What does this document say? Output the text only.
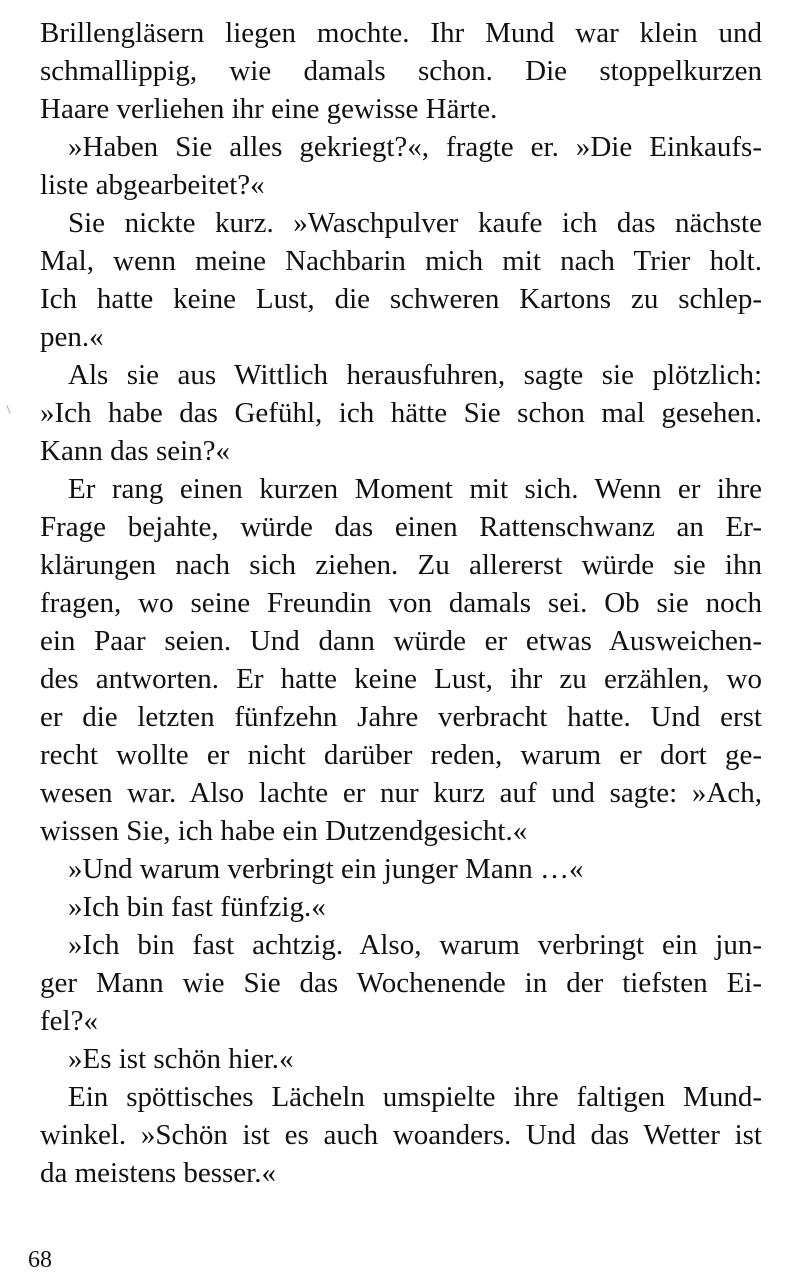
Brillengläsern liegen mochte. Ihr Mund war klein und
schmallippig, wie damals schon. Die stoppelkurzen
Haare verliehen ihr eine gewisse Härte.
»Haben Sie alles gekriegt?«, fragte er. »Die Einkaufs-
liste abgearbeitet?«
Sie nickte kurz. »Waschpulver kaufe ich das nächste
Mal, wenn meine Nachbarin mich mit nach Trier holt.
Ich hatte keine Lust, die schweren Kartons zu schlep-
pen.«
Als sie aus Wittlich herausfuhren, sagte sie plötzlich:
»Ich habe das Gefühl, ich hätte Sie schon mal gesehen.
Kann das sein?«
Er rang einen kurzen Moment mit sich. Wenn er ihre
Frage bejahte, würde das einen Rattenschwanz an Er-
klärungen nach sich ziehen. Zu allererst würde sie ihn
fragen, wo seine Freundin von damals sei. Ob sie noch
ein Paar seien. Und dann würde er etwas Ausweichen-
des antworten. Er hatte keine Lust, ihr zu erzählen, wo
er die letzten fünfzehn Jahre verbracht hatte. Und erst
recht wollte er nicht darüber reden, warum er dort ge-
wesen war. Also lachte er nur kurz auf und sagte: »Ach,
wissen Sie, ich habe ein Dutzendgesicht.«
»Und warum verbringt ein junger Mann …«
»Ich bin fast fünfzig.«
»Ich bin fast achtzig. Also, warum verbringt ein jun-
ger Mann wie Sie das Wochenende in der tiefsten Ei-
fel?«
»Es ist schön hier.«
Ein spöttisches Lächeln umspielte ihre faltigen Mund-
winkel. »Schön ist es auch woanders. Und das Wetter ist
da meistens besser.«
68
